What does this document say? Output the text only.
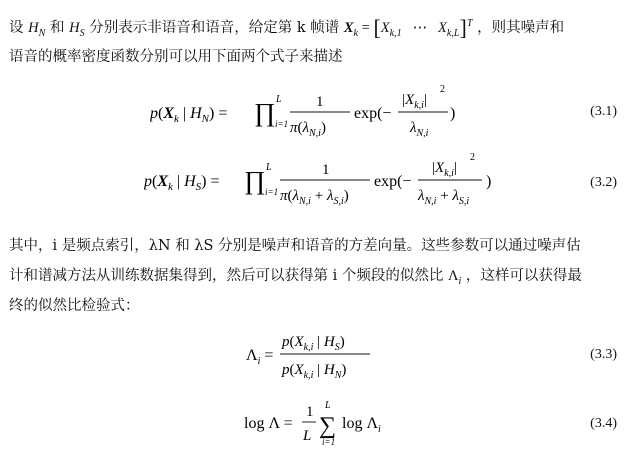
设 $H_N$ 和 $H_S$ 分别表示非语音和语音，给定第 k 帧谱 $X_k = [X_{k,1}$   ⋯   $X_{k,L}]^T$ ，则其噪声和
语音的概率密度函数分别可以用下面两个式子来描述
$p(X_k$ | $H_N$) = ∏ L
i=1
1
$\pi(\lambda_{N,i})$
exp(−
$|X_{k,i}|$
2
$\lambda_{N,i}$
)	(3.1)
$p(X_k$ | $H_S$) = ∏ L
i=1
1
$\pi(\lambda_{N,i} + \lambda_{S,i})$
exp(−
$|X_{k,i}|$
2
$\lambda_{N,i} + \lambda_{S,i}$
)	(3.2)
其中，i 是频点索引，λN 和 λS 分别是噪声和语音的方差向量。这些参数可以通过噪声估
计和谱减方法从训练数据集得到，然后可以获得第 i 个频段的似然比 $\Lambda_i$ ，这样可以获得最
终的似然比检验式：
$\Lambda_i$ =
$p(X_{k,i}$ | $H_S$)
$p(X_{k,i}$ | $H_N$)
(3.3)
log Λ =
1
L ∑
L
i=1
$\log \Lambda_i$	(3.4)
